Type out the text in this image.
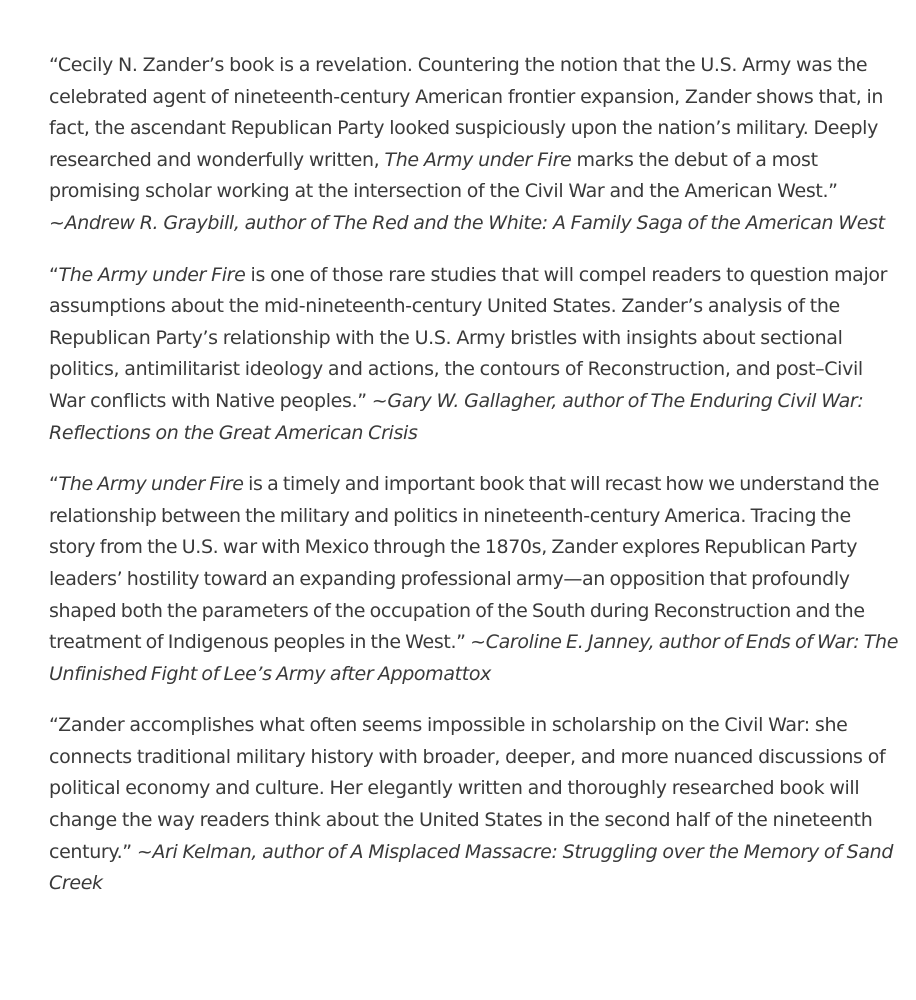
“Cecily N. Zander’s book is a revelation. Countering the notion that the U.S. Army was the celebrated agent of nineteenth-century American frontier expansion, Zander shows that, in fact, the ascendant Republican Party looked suspiciously upon the nation’s military. Deeply researched and wonderfully written, The Army under Fire marks the debut of a most promising scholar working at the intersection of the Civil War and the American West.” ~Andrew R. Graybill, author of The Red and the White: A Family Saga of the American West

“The Army under Fire is one of those rare studies that will compel readers to question major assumptions about the mid-nineteenth-century United States. Zander’s analysis of the Republican Party’s relationship with the U.S. Army bristles with insights about sectional politics, antimilitarist ideology and actions, the contours of Reconstruction, and post–Civil War conflicts with Native peoples.” ~Gary W. Gallagher, author of The Enduring Civil War: Reflections on the Great American Crisis

“The Army under Fire is a timely and important book that will recast how we understand the relationship between the military and politics in nineteenth-century America. Tracing the story from the U.S. war with Mexico through the 1870s, Zander explores Republican Party leaders’ hostility toward an expanding professional army—an opposition that profoundly shaped both the parameters of the occupation of the South during Reconstruction and the treatment of Indigenous peoples in the West.” ~Caroline E. Janney, author of Ends of War: The Unfinished Fight of Lee’s Army after Appomattox

“Zander accomplishes what often seems impossible in scholarship on the Civil War: she connects traditional military history with broader, deeper, and more nuanced discussions of political economy and culture. Her elegantly written and thoroughly researched book will change the way readers think about the United States in the second half of the nineteenth century.” ~Ari Kelman, author of A Misplaced Massacre: Struggling over the Memory of Sand Creek
